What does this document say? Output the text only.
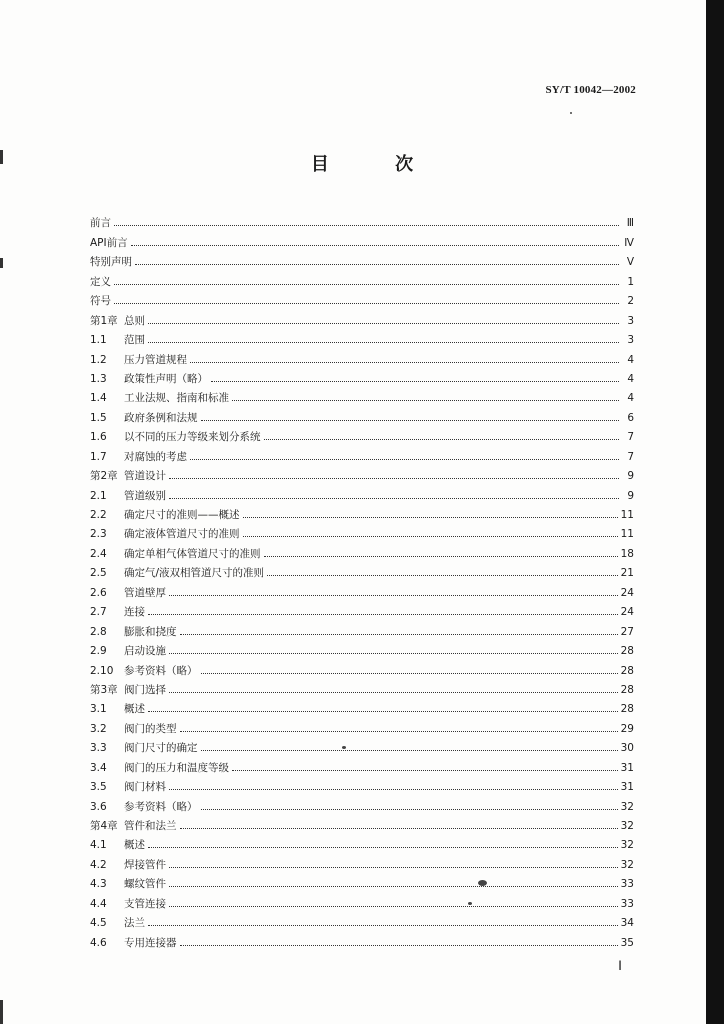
SY/T 10042—2002
目 次
前言	Ⅲ
API前言	Ⅳ
特别声明	Ⅴ
定义	1
符号	2
第1章 总则	3
1.1	范围	3
1.2	压力管道规程	4
1.3	政策性声明（略）	4
1.4	工业法规、指南和标准	4
1.5	政府条例和法规	6
1.6	以不同的压力等级来划分系统	7
1.7	对腐蚀的考虑	7
第2章 管道设计	9
2.1	管道级别	9
2.2	确定尺寸的准则——概述	11
2.3	确定液体管道尺寸的准则	11
2.4	确定单相气体管道尺寸的准则	18
2.5	确定气/液双相管道尺寸的准则	21
2.6	管道壁厚	24
2.7	连接	24
2.8	膨胀和挠度	27
2.9	启动设施	28
2.10	参考资料（略）	28
第3章 阀门选择	28
3.1	概述	28
3.2	阀门的类型	29
3.3	阀门尺寸的确定	30
3.4	阀门的压力和温度等级	31
3.5	阀门材料	31
3.6	参考资料（略）	32
第4章 管件和法兰	32
4.1	概述	32
4.2	焊接管件	32
4.3	螺纹管件	33
4.4	支管连接	33
4.5	法兰	34
4.6	专用连接器	35
Ⅰ
